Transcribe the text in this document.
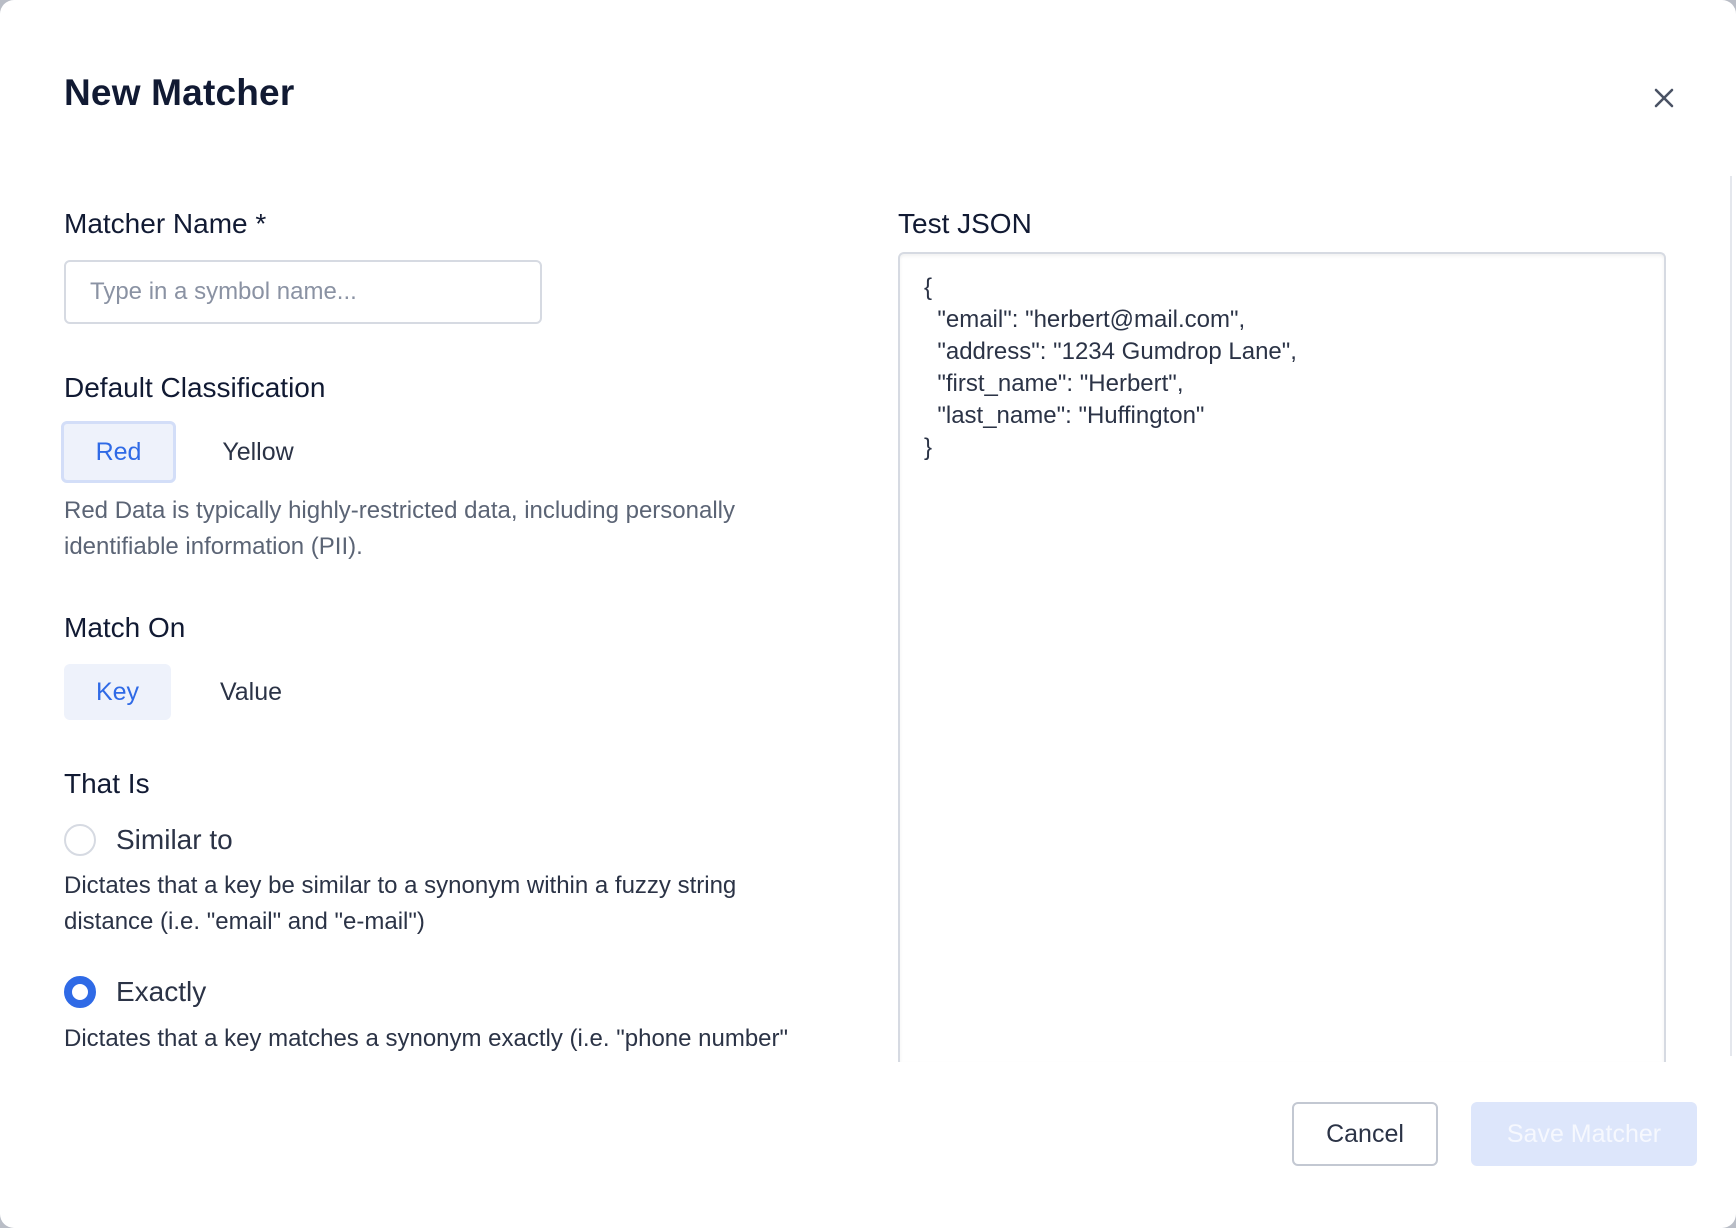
New Matcher
Matcher Name *
Type in a symbol name...
Default Classification
Red	Yellow

Red Data is typically highly-restricted data, including personally identifiable information (PII).

Match On
Key	Value
That Is
Similar to

Dictates that a key be similar to a synonym within a fuzzy string distance (i.e. "email" and "e-mail")

Exactly

Dictates that a key matches a synonym exactly (i.e. "phone number"

Test JSON
{
"email": "herbert@mail.com",
"address": "1234 Gumdrop Lane",
"first_name": "Herbert",
"last_name": "Huffington"
}
Cancel	Save Matcher
